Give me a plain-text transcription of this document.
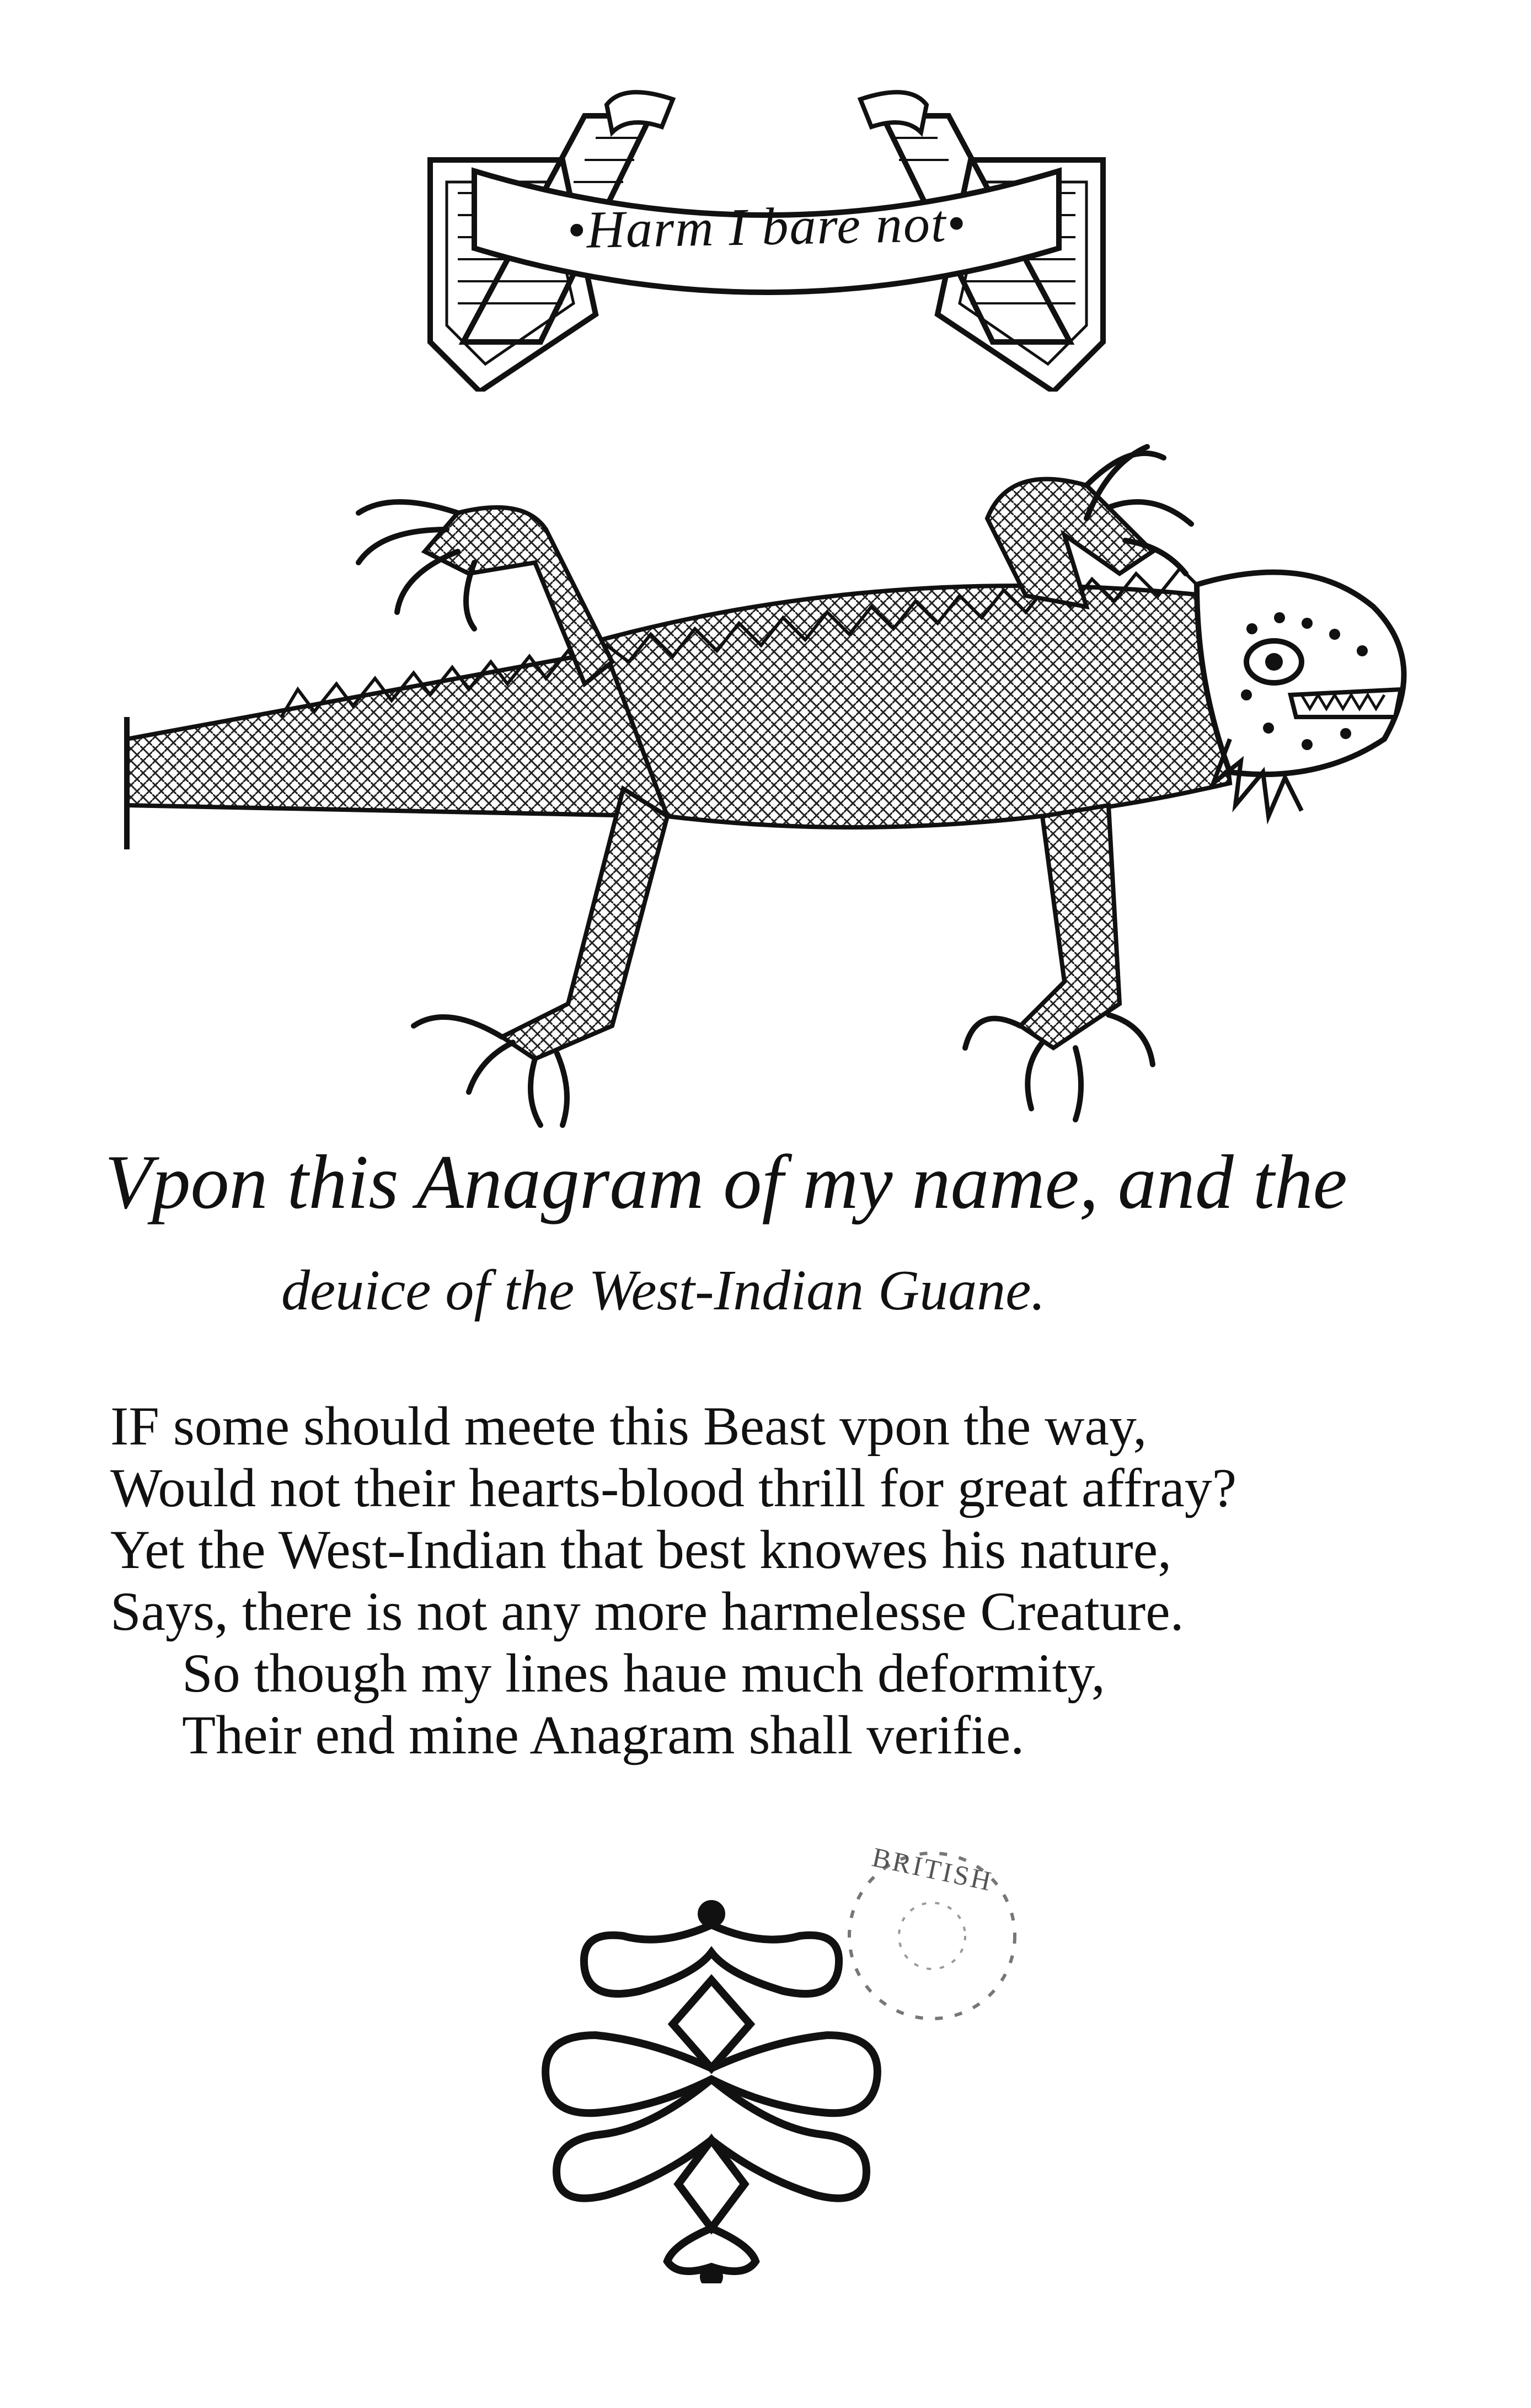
•Harm I bare not•
Vpon this Anagram of my name, and the
deuice of the West-Indian Guane.
IF some should meete this Beast vpon the way,
Would not their hearts-blood thrill for great affray?
Yet the West-Indian that best knowes his nature,
Says, there is not any more harmelesse Creature.
So though my lines haue much deformity,
Their end mine Anagram shall verifie.
BRITISH
